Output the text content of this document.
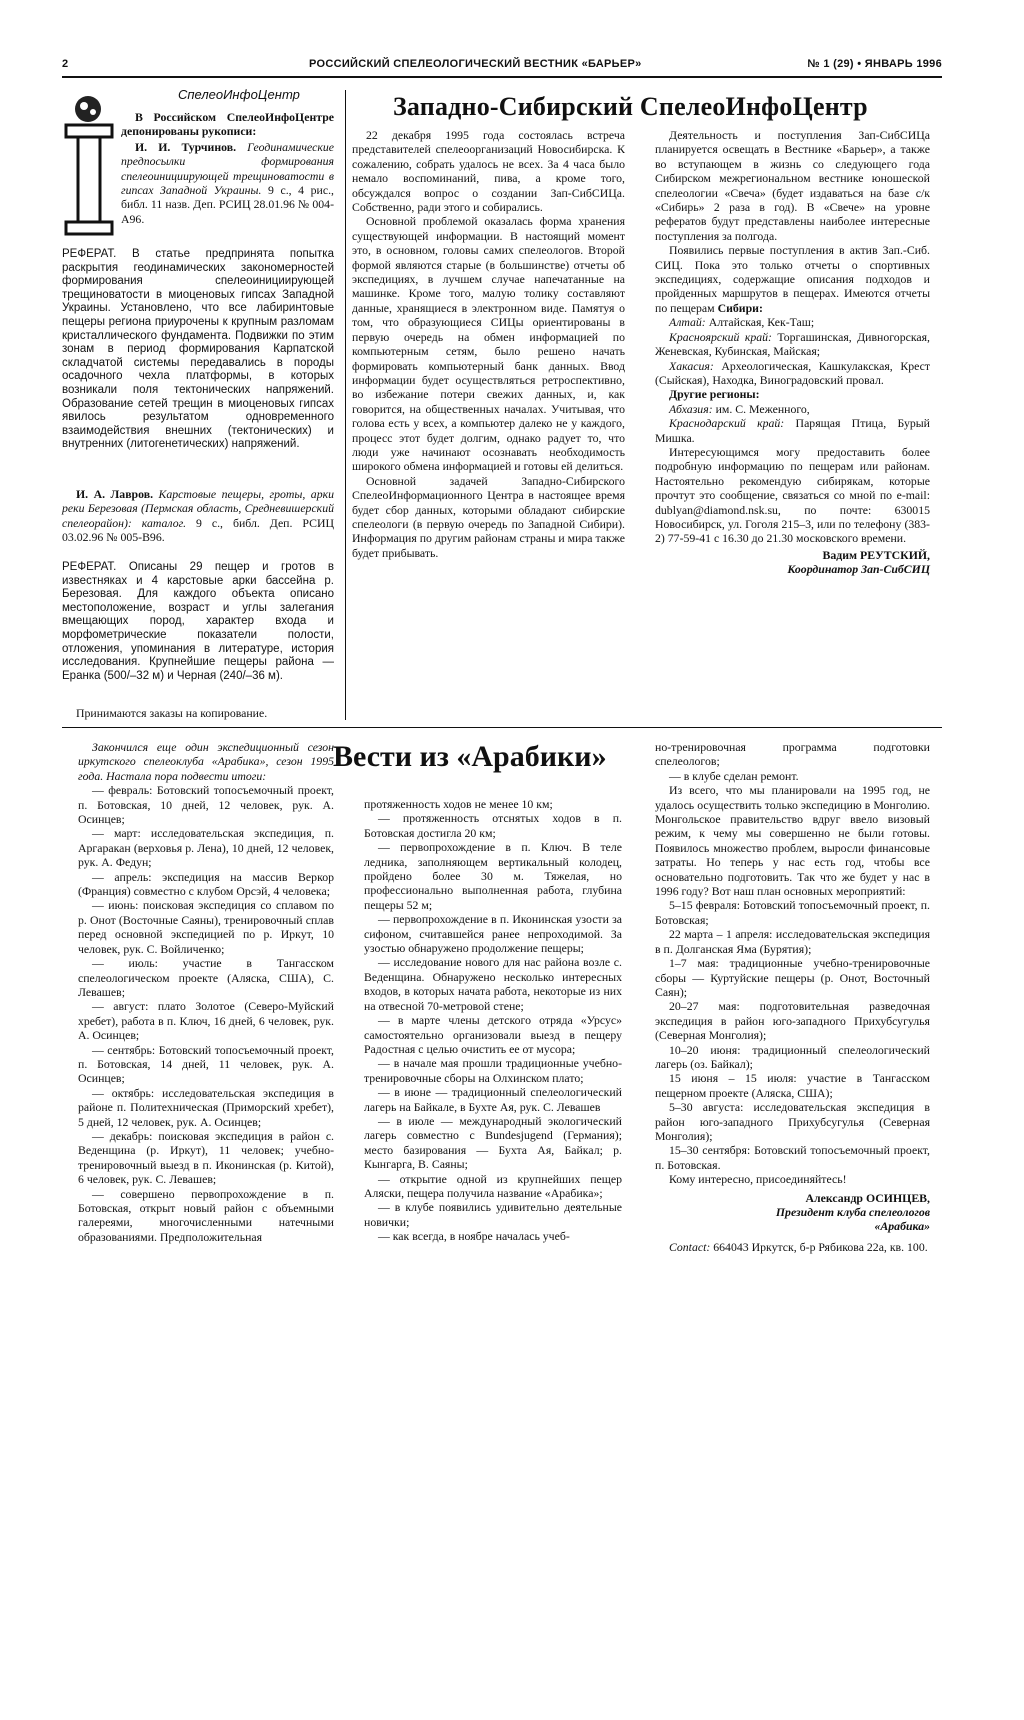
2	РОССИЙСКИЙ СПЕЛЕОЛОГИЧЕСКИЙ ВЕСТНИК «БАРЬЕР»	№ 1 (29) • ЯНВАРЬ 1996
СпелеоИнфоЦентр

В Российском СпелеоИнфоЦентре депонированы рукописи:

И. И. Турчинов. Геодинамические предпосылки формирования спелеоинициирующей трещиноватости в гипсах Западной Украины. 9 с., 4 рис., библ. 11 назв. Деп. РСИЦ 28.01.96 № 004-А96.

РЕФЕРАТ. В статье предпринята попытка раскрытия геодинамических закономерностей формирования спелеоинициирующей трещиноватости в миоценовых гипсах Западной Украины. Установлено, что все лабиринтовые пещеры региона приурочены к крупным разломам кристаллического фундамента. Подвижки по этим зонам в период формирования Карпатской складчатой системы передавались в породы осадочного чехла платформы, в которых возникали поля тектонических напряжений. Образование сетей трещин в миоценовых гипсах явилось результатом одновременного взаимодействия внешних (тектонических) и внутренних (литогенетических) напряжений.

И. А. Лавров. Карстовые пещеры, гроты, арки реки Березовая (Пермская область, Средневишерский спелеорайон): каталог. 9 с., библ. Деп. РСИЦ 03.02.96 № 005-В96.

РЕФЕРАТ. Описаны 29 пещер и гротов в известняках и 4 карстовые арки бассейна р. Березовая. Для каждого объекта описано местоположение, возраст и углы залегания вмещающих пород, характер входа и морфометрические показатели полости, отложения, упоминания в литературе, история исследования. Крупнейшие пещеры района — Еранка (500/–32 м) и Черная (240/–36 м).

Принимаются заказы на копирование.

Западно-Сибирский СпелеоИнфоЦентр

22 декабря 1995 года состоялась встреча представителей спелеоорганизаций Новосибирска. К сожалению, собрать удалось не всех. За 4 часа было немало воспоминаний, пива, а кроме того, обсуждался вопрос о создании Зап-СибСИЦа. Собственно, ради этого и собирались.

Основной проблемой оказалась форма хранения существующей информации. В настоящий момент это, в основном, головы самих спелеологов. Второй формой являются старые (в большинстве) отчеты об экспедициях, в лучшем случае напечатанные на машинке. Кроме того, малую толику составляют данные, хранящиеся в электронном виде. Памятуя о том, что образующиеся СИЦы ориентированы в первую очередь на обмен информацией по компьютерным сетям, было решено начать формировать компьютерный банк данных. Ввод информации будет осуществляться ретроспективно, во избежание потери свежих данных, и, как говорится, на общественных началах. Учитывая, что голова есть у всех, а компьютер далеко не у каждого, процесс этот будет долгим, однако радует то, что люди уже начинают осознавать необходимость широкого обмена информацией и готовы ей делиться.

Основной задачей Западно-Сибирского СпелеоИнформационного Центра в настоящее время будет сбор данных, которыми обладают сибирские спелеологи (в первую очередь по Западной Сибири). Информация по другим районам страны и мира также будет прибывать.

Деятельность и поступления Зап-СибСИЦа планируется освещать в Вестнике «Барьер», а также во вступающем в жизнь со следующего года Сибирском межрегиональном вестнике юношеской спелеологии «Свеча» (будет издаваться на базе с/к «Сибирь» 2 раза в год). В «Свече» на уровне рефератов будут представлены наиболее интересные поступления за полгода.

Появились первые поступления в актив Зап.-Сиб. СИЦ. Пока это только отчеты о спортивных экспедициях, содержащие описания подходов и пройденных маршрутов в пещерах. Имеются отчеты по пещерам Сибири:

Алтай: Алтайская, Кек-Таш;

Красноярский край: Торгашинская, Дивногорская, Женевская, Кубинская, Майская;

Хакасия: Археологическая, Кашкулакская, Крест (Сыйская), Находка, Виноградовский провал.

Другие регионы:

Абхазия: им. С. Меженного,

Краснодарский край: Парящая Птица, Бурый Мишка.

Интересующимся могу предоставить более подробную информацию по пещерам или районам. Настоятельно рекомендую сибирякам, которые прочтут это сообщение, связаться со мной по e-mail: dublyan@diamond.nsk.su, по почте: 630015 Новосибирск, ул. Гоголя 215–3, или по телефону (383-2) 77-59-41 с 16.30 до 21.30 московского времени.

Вадим РЕУТСКИЙ,
Координатор Зап-СибСИЦ
Вести из «Арабики»

Закончился еще один экспедиционный сезон иркутского спелеоклуба «Арабика», сезон 1995 года. Настала пора подвести итоги:

— февраль: Ботовский топосъемочный проект, п. Ботовская, 10 дней, 12 человек, рук. А. Осинцев;

— март: исследовательская экспедиция, п. Аргаракан (верховья р. Лена), 10 дней, 12 человек, рук. А. Федун;

— апрель: экспедиция на массив Веркор (Франция) совместно с клубом Орсэй, 4 человека;

— июнь: поисковая экспедиция со сплавом по р. Онот (Восточные Саяны), тренировочный сплав перед основной экспедицией по р. Иркут, 10 человек, рук. С. Войличенко;

— июль: участие в Тангасском спелеологическом проекте (Аляска, США), С. Левашев;

— август: плато Золотое (Северо-Муйский хребет), работа в п. Ключ, 16 дней, 6 человек, рук. А. Осинцев;

— сентябрь: Ботовский топосъемочный проект, п. Ботовская, 14 дней, 11 человек, рук. А. Осинцев;

— октябрь: исследовательская экспедиция в районе п. Политехническая (Приморский хребет), 5 дней, 12 человек, рук. А. Осинцев;

— декабрь: поисковая экспедиция в район с. Веденщина (р. Иркут), 11 человек; учебно-тренировочный выезд в п. Иконинская (р. Китой), 6 человек, рук. С. Левашев;

— совершено первопрохождение в п. Ботовская, открыт новый район с объемными галереями, многочисленными натечными образованиями. Предположительная

протяженность ходов не менее 10 км;

— протяженность отснятых ходов в п. Ботовская достигла 20 км;

— первопрохождение в п. Ключ. В теле ледника, заполняющем вертикальный колодец, пройдено более 30 м. Тяжелая, но профессионально выполненная работа, глубина пещеры 52 м;

— первопрохождение в п. Иконинская узости за сифоном, считавшейся ранее непроходимой. За узостью обнаружено продолжение пещеры;

— исследование нового для нас района возле с. Веденщина. Обнаружено несколько интересных входов, в которых начата работа, некоторые из них на отвесной 70-метровой стене;

— в марте члены детского отряда «Урсус» самостоятельно организовали выезд в пещеру Радостная с целью очистить ее от мусора;

— в начале мая прошли традиционные учебно-тренировочные сборы на Олхинском плато;

— в июне — традиционный спелеологический лагерь на Байкале, в Бухте Ая, рук. С. Левашев

— в июле — международный экологический лагерь совместно с Bundesjugend (Германия); место базирования — Бухта Ая, Байкал; р. Кынгарга, В. Саяны;

— открытие одной из крупнейших пещер Аляски, пещера получила название «Арабика»;

— в клубе появились удивительно деятельные новички;

— как всегда, в ноябре началась учеб-

но-тренировочная программа подготовки спелеологов;

— в клубе сделан ремонт.

Из всего, что мы планировали на 1995 год, не удалось осуществить только экспедицию в Монголию. Монгольское правительство вдруг ввело визовый режим, к чему мы совершенно не были готовы. Появилось множество проблем, выросли финансовые затраты. Но теперь у нас есть год, чтобы все основательно подготовить. Так что же будет у нас в 1996 году? Вот наш план основных мероприятий:

5–15 февраля: Ботовский топосъемочный проект, п. Ботовская;

22 марта – 1 апреля: исследовательская экспедиция в п. Долганская Яма (Бурятия);

1–7 мая: традиционные учебно-тренировочные сборы — Куртуйские пещеры (р. Онот, Восточный Саян);

20–27 мая: подготовительная разведочная экспедиция в район юго-западного Прихубсугулья (Северная Монголия);

10–20 июня: традиционный спелеологический лагерь (оз. Байкал);

15 июня – 15 июля: участие в Тангасском пещерном проекте (Аляска, США);

5–30 августа: исследовательская экспедиция в район юго-западного Прихубсугулья (Северная Монголия);

15–30 сентября: Ботовский топосъемочный проект, п. Ботовская.

Кому интересно, присоединяйтесь!

Александр ОСИНЦЕВ,
Президент клуба спелеологов
«Арабика»

Contact: 664043 Иркутск, б-р Рябикова 22а, кв. 100.
